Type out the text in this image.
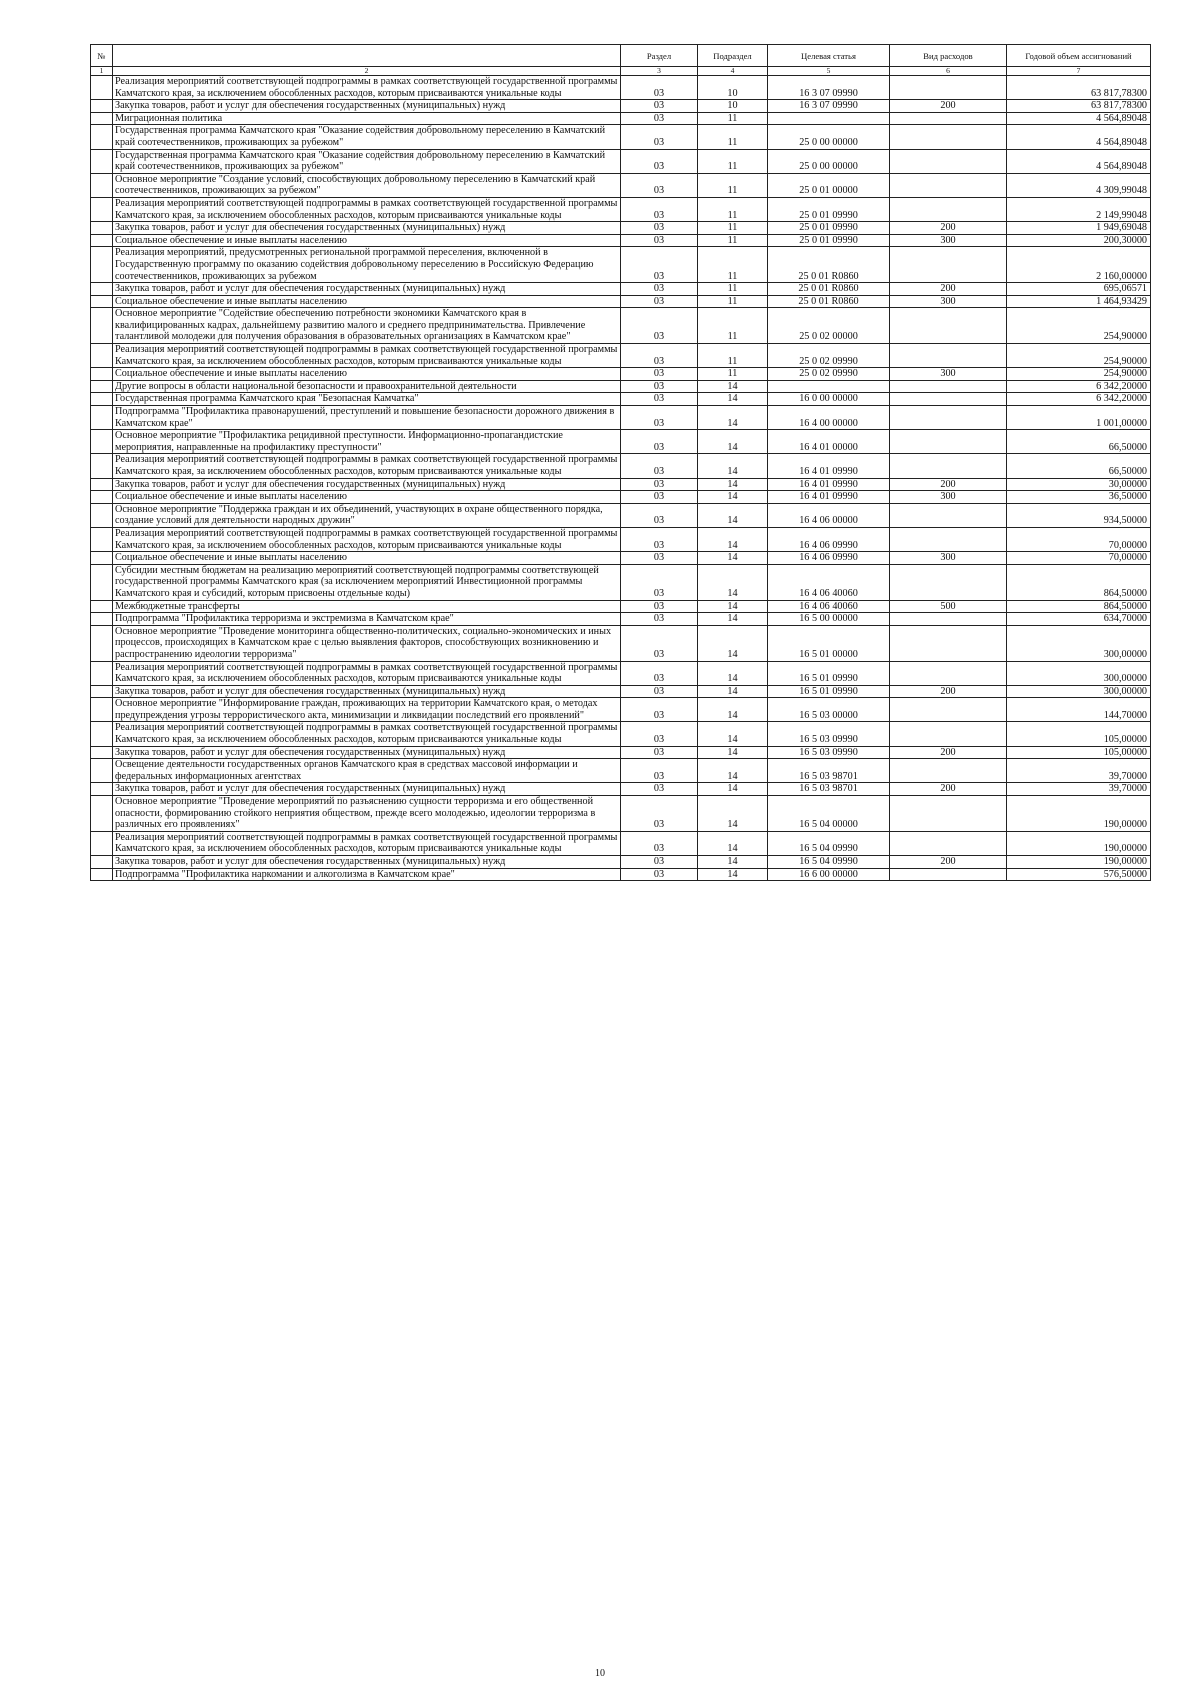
№		Раздел	Подраздел	Целевая статья	Вид расходов	Годовой объем ассигнований
1	2	3	4	5	6	7
	Реализация мероприятий соответствующей подпрограммы в рамках соответствующей государственной программы Камчатского края, за исключением обособленных расходов, которым присваиваются уникальные коды	03	10	16 3 07 09990		63 817,78300
	Закупка товаров, работ и услуг для обеспечения государственных (муниципальных) нужд	03	10	16 3 07 09990	200	63 817,78300
	Миграционная политика	03	11			4 564,89048
	Государственная программа Камчатского края "Оказание содействия добровольному переселению в Камчатский край соотечественников, проживающих за рубежом"	03	11	25 0 00 00000		4 564,89048
	Государственная программа Камчатского края "Оказание содействия добровольному переселению в Камчатский край соотечественников, проживающих за рубежом"	03	11	25 0 00 00000		4 564,89048
	Основное мероприятие "Создание условий, способствующих добровольному переселению в Камчатский край соотечественников, проживающих за рубежом"	03	11	25 0 01 00000		4 309,99048
	Реализация мероприятий соответствующей подпрограммы в рамках соответствующей государственной программы Камчатского края, за исключением обособленных расходов, которым присваиваются уникальные коды	03	11	25 0 01 09990		2 149,99048
	Закупка товаров, работ и услуг для обеспечения государственных (муниципальных) нужд	03	11	25 0 01 09990	200	1 949,69048
	Социальное обеспечение и иные выплаты населению	03	11	25 0 01 09990	300	200,30000
	Реализация мероприятий, предусмотренных региональной программой переселения, включенной в Государственную программу по оказанию содействия добровольному переселению в Российскую Федерацию соотечественников, проживающих за рубежом	03	11	25 0 01 R0860		2 160,00000
	Закупка товаров, работ и услуг для обеспечения государственных (муниципальных) нужд	03	11	25 0 01 R0860	200	695,06571
	Социальное обеспечение и иные выплаты населению	03	11	25 0 01 R0860	300	1 464,93429
	Основное мероприятие "Содействие обеспечению потребности экономики Камчатского края в квалифицированных кадрах, дальнейшему развитию малого и среднего предпринимательства. Привлечение талантливой молодежи для получения образования в образовательных организациях в Камчатском крае"	03	11	25 0 02 00000		254,90000
	Реализация мероприятий соответствующей подпрограммы в рамках соответствующей государственной программы Камчатского края, за исключением обособленных расходов, которым присваиваются уникальные коды	03	11	25 0 02 09990		254,90000
	Социальное обеспечение и иные выплаты населению	03	11	25 0 02 09990	300	254,90000
	Другие вопросы в области национальной безопасности и правоохранительной деятельности	03	14			6 342,20000
	Государственная программа Камчатского края "Безопасная Камчатка"	03	14	16 0 00 00000		6 342,20000
	Подпрограмма "Профилактика правонарушений, преступлений и повышение безопасности дорожного движения в Камчатском крае"	03	14	16 4 00 00000		1 001,00000
	Основное мероприятие "Профилактика рецидивной преступности. Информационно-пропагандистские мероприятия, направленные на профилактику преступности"	03	14	16 4 01 00000		66,50000
	Реализация мероприятий соответствующей подпрограммы в рамках соответствующей государственной программы Камчатского края, за исключением обособленных расходов, которым присваиваются уникальные коды	03	14	16 4 01 09990		66,50000
	Закупка товаров, работ и услуг для обеспечения государственных (муниципальных) нужд	03	14	16 4 01 09990	200	30,00000
	Социальное обеспечение и иные выплаты населению	03	14	16 4 01 09990	300	36,50000
	Основное мероприятие "Поддержка граждан и их объединений, участвующих в охране общественного порядка, создание условий для деятельности народных дружин"	03	14	16 4 06 00000		934,50000
	Реализация мероприятий соответствующей подпрограммы в рамках соответствующей государственной программы Камчатского края, за исключением обособленных расходов, которым присваиваются уникальные коды	03	14	16 4 06 09990		70,00000
	Социальное обеспечение и иные выплаты населению	03	14	16 4 06 09990	300	70,00000
	Субсидии местным бюджетам на реализацию мероприятий соответствующей подпрограммы соответствующей государственной программы Камчатского края (за исключением мероприятий Инвестиционной программы Камчатского края и субсидий, которым присвоены отдельные коды)	03	14	16 4 06 40060		864,50000
	Межбюджетные трансферты	03	14	16 4 06 40060	500	864,50000
	Подпрограмма "Профилактика терроризма и экстремизма в Камчатском крае"	03	14	16 5 00 00000		634,70000
	Основное мероприятие "Проведение мониторинга общественно-политических, социально-экономических и иных процессов, происходящих в Камчатском крае с целью выявления факторов, способствующих возникновению и распространению идеологии терроризма"	03	14	16 5 01 00000		300,00000
	Реализация мероприятий соответствующей подпрограммы в рамках соответствующей государственной программы Камчатского края, за исключением обособленных расходов, которым присваиваются уникальные коды	03	14	16 5 01 09990		300,00000
	Закупка товаров, работ и услуг для обеспечения государственных (муниципальных) нужд	03	14	16 5 01 09990	200	300,00000
	Основное мероприятие "Информирование граждан, проживающих на территории Камчатского края, о методах предупреждения угрозы террористического акта, минимизации и ликвидации последствий его проявлений"	03	14	16 5 03 00000		144,70000
	Реализация мероприятий соответствующей подпрограммы в рамках соответствующей государственной программы Камчатского края, за исключением обособленных расходов, которым присваиваются уникальные коды	03	14	16 5 03 09990		105,00000
	Закупка товаров, работ и услуг для обеспечения государственных (муниципальных) нужд	03	14	16 5 03 09990	200	105,00000
	Освещение деятельности государственных органов Камчатского края в средствах массовой информации и федеральных информационных агентствах	03	14	16 5 03 98701		39,70000
	Закупка товаров, работ и услуг для обеспечения государственных (муниципальных) нужд	03	14	16 5 03 98701	200	39,70000
	Основное мероприятие "Проведение мероприятий по разъяснению сущности терроризма и его общественной опасности, формированию стойкого неприятия обществом, прежде всего молодежью, идеологии терроризма в различных его проявлениях"	03	14	16 5 04 00000		190,00000
	Реализация мероприятий соответствующей подпрограммы в рамках соответствующей государственной программы Камчатского края, за исключением обособленных расходов, которым присваиваются уникальные коды	03	14	16 5 04 09990		190,00000
	Закупка товаров, работ и услуг для обеспечения государственных (муниципальных) нужд	03	14	16 5 04 09990	200	190,00000
	Подпрограмма "Профилактика наркомании и алкоголизма в Камчатском крае"	03	14	16 6 00 00000		576,50000
10
